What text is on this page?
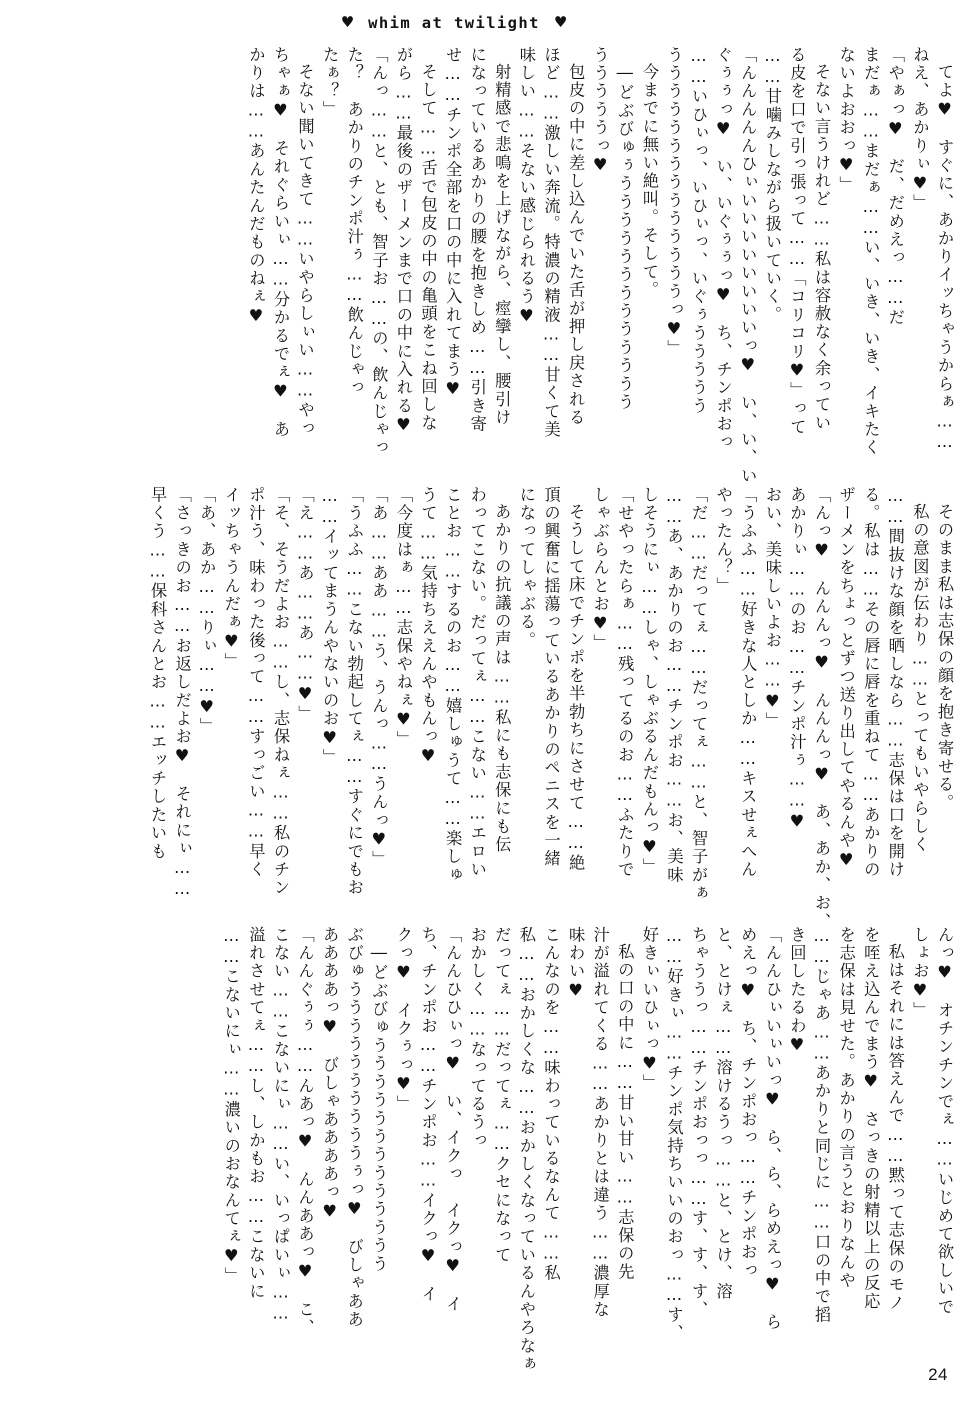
♥ whim at twilight ♥
てよ♥　すぐに、あかりイッちゃうからぁ……
ねえ、あかりぃ♥」
「やぁっ♥　だ、だめえっ……だ
まだぁ……まだぁ……い、いき、いき、イキたく
ないよおおっ♥」
そない言うけれど……私は容赦なく余ってい
る皮を口で引っ張って……「コリコリ♥」って
……甘噛みしながら扱いていく。
「んんんんんひぃいいいいいいいいっ♥　い、い、い
ぐぅぅっ♥　い、いぐぅぅっ♥　ち、チンポおっ
……いひぃっ、いひぃっ、いぐぅううううう
ううううううううううううううっ♥」
今までに無い絶叫。そして。
―どぶびゅぅううううううううううううう
うううううっ♥
包皮の中に差し込んでいた舌が押し戻される
ほど……激しい奔流。特濃の精液……甘くて美
味しい……そない感じられるう♥
射精感で悲鳴を上げながら、痙攣し、腰引け
になっているあかりの腰を抱きしめ……引き寄
せ……チンポ全部を口の中に入れてまう♥
そして……舌で包皮の中の亀頭をこね回しな
がら……最後のザーメンまで口の中に入れる♥
「んっ……と、とも、智子お……の、飲んじゃっ
た？　あかりのチンポ汁ぅ……飲んじゃっ
たぁ？」
そない聞いてきて……いやらしぃい……やっ
ちゃぁ♥　それぐらいぃ……分かるでぇ♥　あ
かりは……あんたんだものねぇ♥
そのまま私は志保の顔を抱き寄せる。
私の意図が伝わり……とってもいやらしく
……間抜けな顔を晒しなら……志保は口を開け
る。私は……その唇に唇を重ねて……あかりの
ザーメンをちょっとずつ送り出してやるんや♥
「んっ♥　んんんっ♥　んんんっ♥　あ、あか、お、
あかりぃ……のお……チンポ汁ぅ……♥
おい、美味しいよお……♥」
「うふふ……好きな人としか……キスせぇへん
やったん？」
「だ……だってぇ……だってぇ……と、智子がぁ
……あ、あかりのお……チンポお……お、美味
しそうにぃ……しゃ、しゃぶるんだもんっ♥」
「せやったらぁ……残ってるのお……ふたりで
しゃぶらんとお♥」
そうして床でチンポを半勃ちにさせて……絶
頂の興奮に揺蕩っているあかりのペニスを一緒
になってしゃぶる。
あかりの抗議の声は……私にも志保にも伝
わってこない。だってぇ……こない……エロい
ことお……するのお……嬉しゅうて……楽しゅ
うて……気持ちええんやもんっ♥
「今度はぁ……志保やねぇ♥」
「あ……ああ……う、うんっ……うんっ♥」
「うふふ……こない勃起してぇ……すぐにでもお
……イッてまうんやないのお♥」
「え……あ……あ……♥」
「そ、そうだよお……し、志保ねぇ……私のチン
ポ汁う、味わった後って……すっごい……早く
イッちゃうんだぁ♥」
「あ、あか……りぃ……♥」
「さっきのお……お返しだよお♥　それにぃ……
早くう……保科さんとお……エッチしたいも
んっ♥　オチンチンでぇ……いじめて欲しいで
しょお♥」
私はそれには答えんで……黙って志保のモノ
を咥え込んでまう♥　さっきの射精以上の反応
を志保は見せた。あかりの言うとおりなんや
……じゃあ……あかりと同じに……口の中で搯
き回したるわ♥
「んんひぃいぃいっ♥　ら、ら、らめえっ♥　ら
めえっ♥　ち、チンポおっ……チンポおっ
と、とけぇ……溶けるうっ……と、とけ、溶
ちゃううっ……チンポおっっ……す、す、す、
……好きぃ……チンポ気持ちいいのおっ……す、
好きぃいひぃっ♥」
私の口の中に……甘い甘い……志保の先
汁が溢れてくる……あかりとは違う……濃厚な
味わい♥
こんなのを……味わっているなんて……私
私……おかしくな……おかしくなっているんやろなぁ
だってぇ……だってぇ……クセになって
おかしく……なってるうっ
「んんひひぃっ♥　い、イクっ　イクっ♥　イ
ち、チンポお……チンポお……イクっ♥　イ
クっ♥　イクぅっ♥」
―どぶびゅううううううううううううう
ぶびゅううううううううううぅっ♥　びしゃああ
ああああっ♥　びしゃああああっ♥
「んんぐぅぅ……んあっ♥　んんああっ♥　こ、
こない……こないにぃ……い、いっぱいぃ……
溢れさせてぇ……し、しかもお……こないに
……こないにぃ……濃いのおなんてぇ♥」
24
